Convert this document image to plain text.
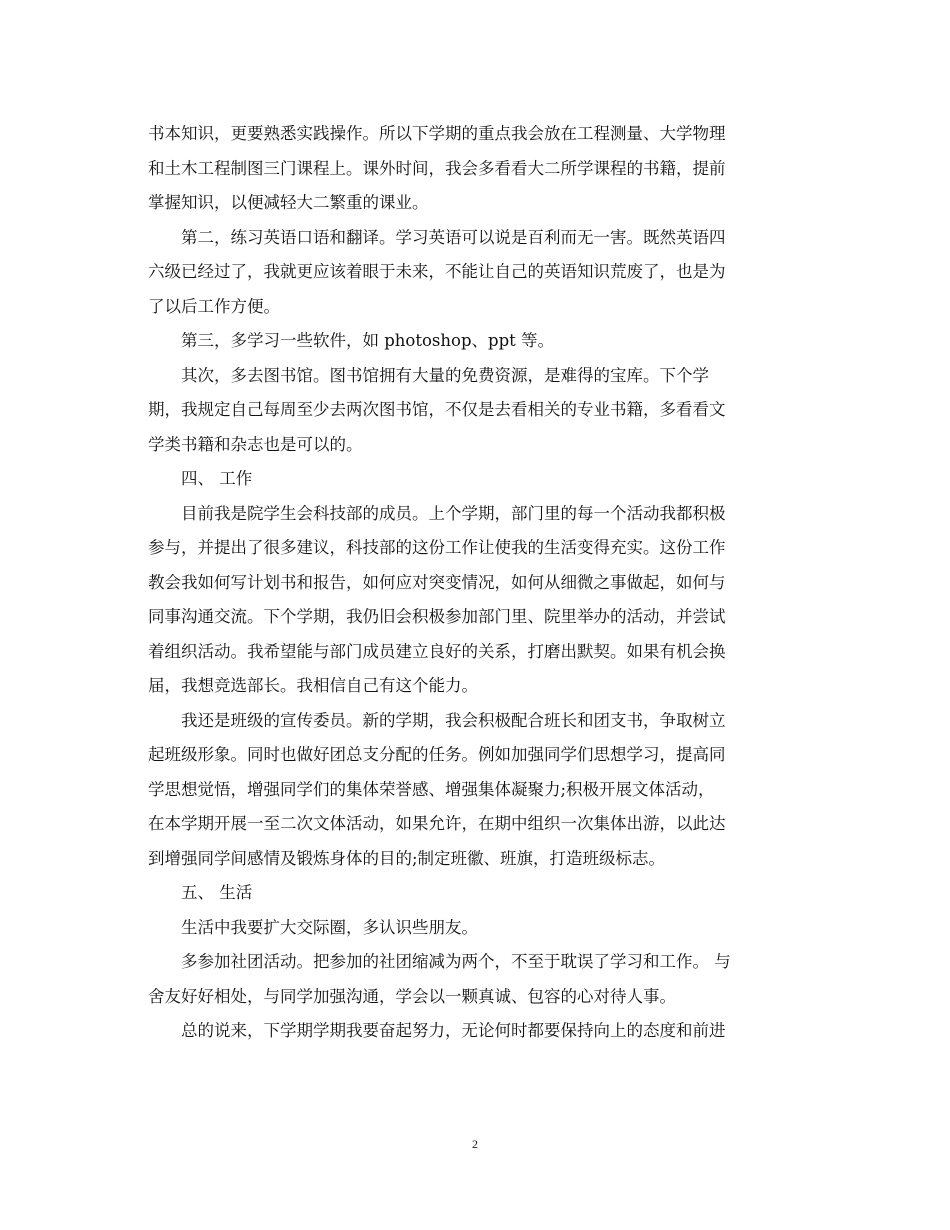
书本知识，更要熟悉实践操作。所以下学期的重点我会放在工程测量、大学物理
和土木工程制图三门课程上。课外时间，我会多看看大二所学课程的书籍，提前
掌握知识，以便减轻大二繁重的课业。
第二，练习英语口语和翻译。学习英语可以说是百利而无一害。既然英语四
六级已经过了，我就更应该着眼于未来，不能让自己的英语知识荒废了，也是为
了以后工作方便。
第三，多学习一些软件，如 photoshop、ppt 等。
其次，多去图书馆。图书馆拥有大量的免费资源，是难得的宝库。下个学
期，我规定自己每周至少去两次图书馆，不仅是去看相关的专业书籍，多看看文
学类书籍和杂志也是可以的。
四、 工作
目前我是院学生会科技部的成员。上个学期，部门里的每一个活动我都积极
参与，并提出了很多建议，科技部的这份工作让使我的生活变得充实。这份工作
教会我如何写计划书和报告，如何应对突变情况，如何从细微之事做起，如何与
同事沟通交流。下个学期，我仍旧会积极参加部门里、院里举办的活动，并尝试
着组织活动。我希望能与部门成员建立良好的关系，打磨出默契。如果有机会换
届，我想竞选部长。我相信自己有这个能力。
我还是班级的宣传委员。新的学期，我会积极配合班长和团支书，争取树立
起班级形象。同时也做好团总支分配的任务。例如加强同学们思想学习，提高同
学思想觉悟，增强同学们的集体荣誉感、增强集体凝聚力;积极开展文体活动，
在本学期开展一至二次文体活动，如果允许，在期中组织一次集体出游，以此达
到增强同学间感情及锻炼身体的目的;制定班徽、班旗，打造班级标志。
五、 生活
生活中我要扩大交际圈，多认识些朋友。
多参加社团活动。把参加的社团缩减为两个，不至于耽误了学习和工作。 与
舍友好好相处，与同学加强沟通，学会以一颗真诚、包容的心对待人事。
总的说来，下学期学期我要奋起努力，无论何时都要保持向上的态度和前进
2
